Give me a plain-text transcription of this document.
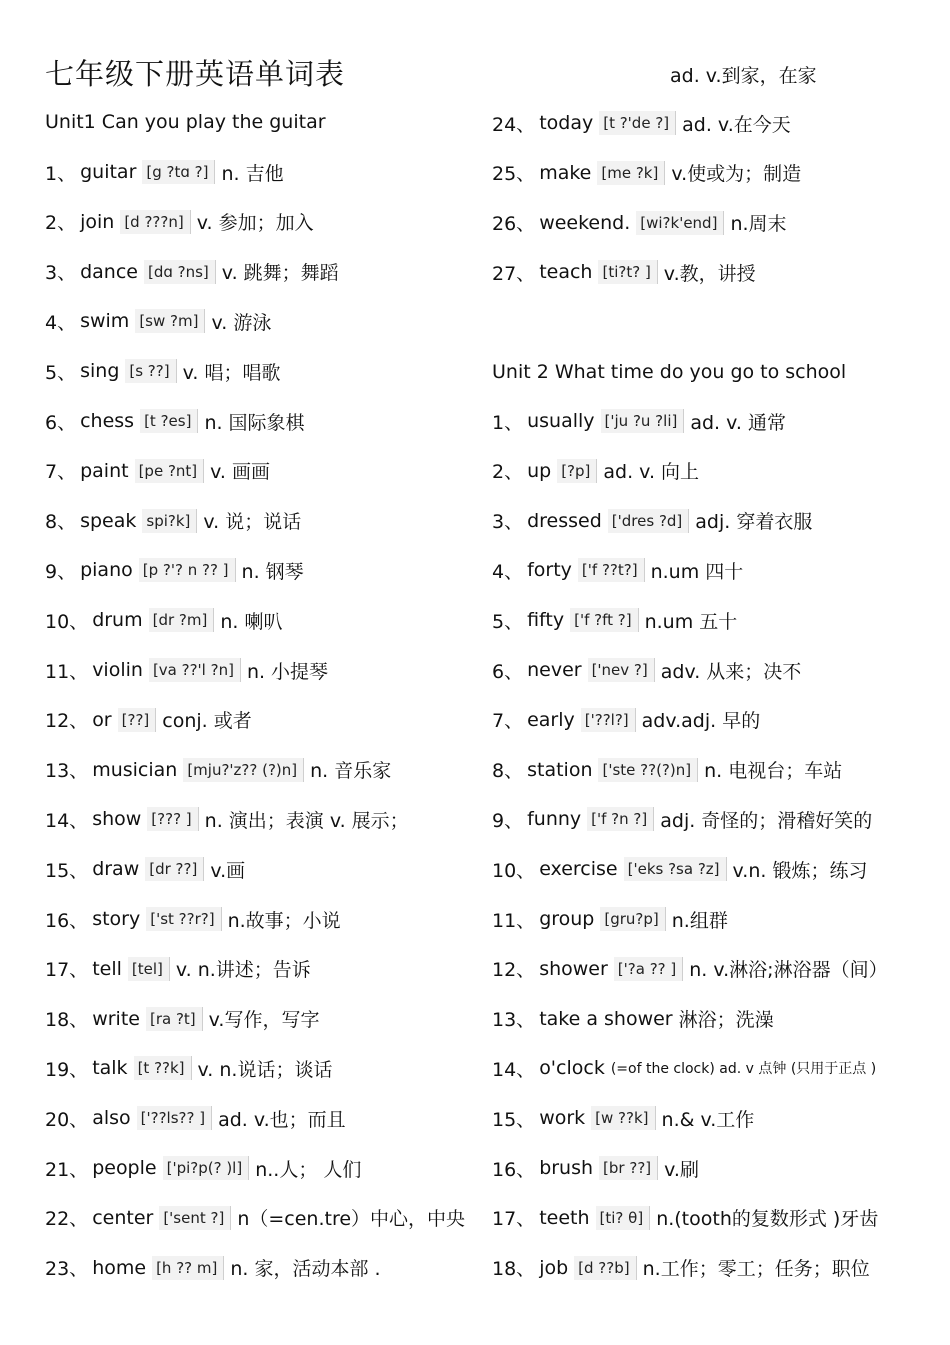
七年级下册英语单词表	ad. v.到家，在家
Unit1 Can you play the guitar
1、 guitar [g ?tɑ ?] n. 吉他
2、 join [d ???n] v. 参加；加入
3、 dance [dɑ ?ns] v. 跳舞；舞蹈
4、 swim [sw ?m] v. 游泳
5、 sing [s ??] v. 唱；唱歌
6、 chess [t ?es] n. 国际象棋
7、 paint [pe ?nt] v. 画画
8、 speak spi?k] v. 说；说话
9、 piano [p ?'? n ?? ] n. 钢琴
10、 drum [dr ?m] n. 喇叭
11、 violin [va ??'l ?n] n. 小提琴
12、 or [??] conj. 或者
13、 musician [mju?'z?? (?)n] n. 音乐家
14、 show [??? ] n. 演出；表演 v. 展示；
15、 draw [dr ??] v.画
16、 story ['st ??r?] n.故事；小说
17、 tell [tel] v. n.讲述；告诉
18、 write [ra ?t] v.写作，写字
19、 talk [t ??k] v. n.说话；谈话
20、 also ['??ls?? ] ad. v.也；而且
21、 people ['pi?p(? )l] n..人； 人们
22、 center ['sent ?] n（=cen.tre）中心，中央
23、 home [h ?? m] n. 家，活动本部 .
Unit 2 What time do you go to school
24、 today [t ?'de ?] ad. v.在今天
25、 make [me ?k] v.使或为；制造
26、 weekend. [wi?k'end] n.周末
27、 teach [ti?t? ] v.教，讲授
1、 usually ['ju ?u ?li] ad. v. 通常
2、 up [?p] ad. v. 向上
3、 dressed ['dres ?d] adj. 穿着衣服
4、 forty ['f ??t?] n.um 四十
5、 fifty ['f ?ft ?] n.um 五十
6、 never ['nev ?] adv. 从来；决不
7、 early ['??l?] adv.adj. 早的
8、 station ['ste ??(?)n] n. 电视台；车站
9、 funny ['f ?n ?] adj. 奇怪的；滑稽好笑的
10、 exercise ['eks ?sa ?z] v.n. 锻炼；练习
11、 group [gru?p] n.组群
12、 shower ['?a ?? ] n. v.淋浴;淋浴器（间）
13、 take a shower 淋浴；洗澡
14、 o'clock (=of the clock) ad. v 点钟 (只用于正点 )
15、 work [w ??k] n.& v.工作
16、 brush [br ??] v.刷
17、 teeth [ti? θ] n.(tooth的复数形式 )牙齿
18、 job [d ??b] n.工作；零工；任务；职位
